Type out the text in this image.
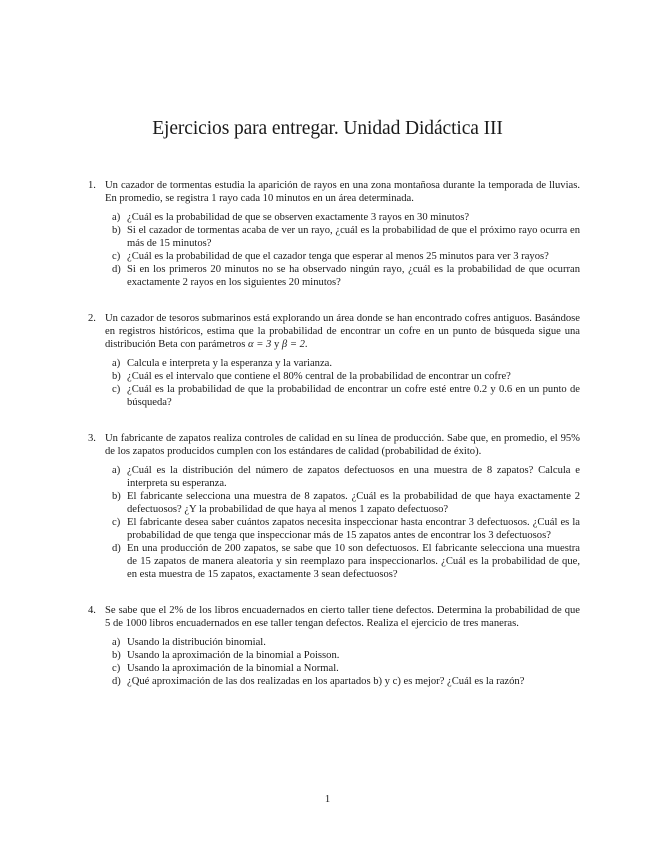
Ejercicios para entregar. Unidad Didáctica III
1. Un cazador de tormentas estudia la aparición de rayos en una zona montañosa durante la temporada de lluvias. En promedio, se registra 1 rayo cada 10 minutos en un área determinada.

a) ¿Cuál es la probabilidad de que se observen exactamente 3 rayos en 30 minutos?

b) Si el cazador de tormentas acaba de ver un rayo, ¿cuál es la probabilidad de que el próximo rayo ocurra en más de 15 minutos?

c) ¿Cuál es la probabilidad de que el cazador tenga que esperar al menos 25 minutos para ver 3 rayos?

d) Si en los primeros 20 minutos no se ha observado ningún rayo, ¿cuál es la probabilidad de que ocurran exactamente 2 rayos en los siguientes 20 minutos?

2. Un cazador de tesoros submarinos está explorando un área donde se han encontrado cofres antiguos. Basándose en registros históricos, estima que la probabilidad de encontrar un cofre en un punto de búsqueda sigue una distribución Beta con parámetros α = 3 y β = 2.

a) Calcula e interpreta y la esperanza y la varianza.

b) ¿Cuál es el intervalo que contiene el 80% central de la probabilidad de encontrar un cofre?

c) ¿Cuál es la probabilidad de que la probabilidad de encontrar un cofre esté entre 0.2 y 0.6 en un punto de búsqueda?

3. Un fabricante de zapatos realiza controles de calidad en su línea de producción. Sabe que, en promedio, el 95% de los zapatos producidos cumplen con los estándares de calidad (probabilidad de éxito).

a) ¿Cuál es la distribución del número de zapatos defectuosos en una muestra de 8 zapatos? Calcula e interpreta su esperanza.

b) El fabricante selecciona una muestra de 8 zapatos. ¿Cuál es la probabilidad de que haya exactamente 2 defectuosos? ¿Y la probabilidad de que haya al menos 1 zapato defectuoso?

c) El fabricante desea saber cuántos zapatos necesita inspeccionar hasta encontrar 3 defectuosos. ¿Cuál es la probabilidad de que tenga que inspeccionar más de 15 zapatos antes de encontrar los 3 defectuosos?

d) En una producción de 200 zapatos, se sabe que 10 son defectuosos. El fabricante selecciona una muestra de 15 zapatos de manera aleatoria y sin reemplazo para inspeccionarlos. ¿Cuál es la probabilidad de que, en esta muestra de 15 zapatos, exactamente 3 sean defectuosos?

4. Se sabe que el 2% de los libros encuadernados en cierto taller tiene defectos. Determina la probabilidad de que 5 de 1000 libros encuadernados en ese taller tengan defectos. Realiza el ejercicio de tres maneras.

a) Usando la distribución binomial.

b) Usando la aproximación de la binomial a Poisson.

c) Usando la aproximación de la binomial a Normal.

d) ¿Qué aproximación de las dos realizadas en los apartados b) y c) es mejor? ¿Cuál es la razón?

1
